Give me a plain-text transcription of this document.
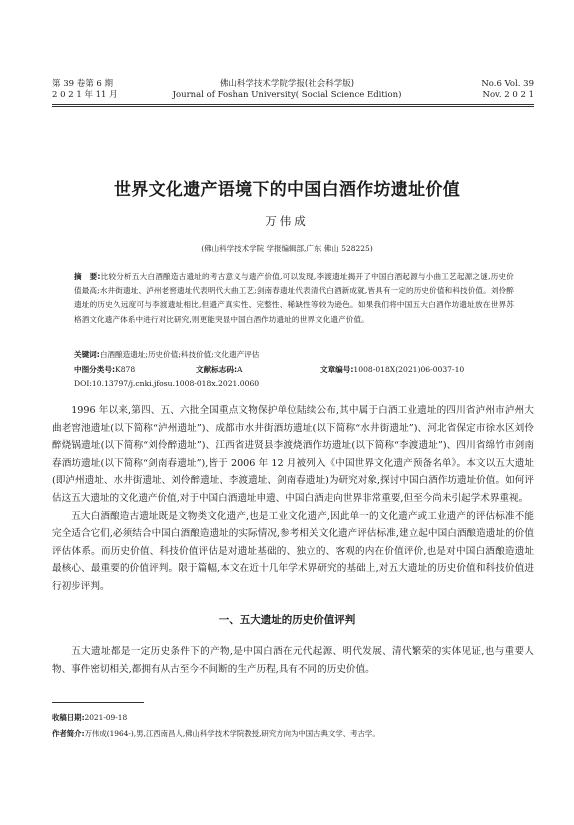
第 39 卷第 6 期
2 0 2 1 年 11 月
佛山科学技术学院学报(社会科学版)
Journal of Foshan University( Social Science Edition)
No.6 Vol. 39
Nov. 2 0 2 1
世界文化遗产语境下的中国白酒作坊遗址价值
万伟成
(佛山科学技术学院 学报编辑部,广东 佛山 528225)
摘　要:比较分析五大白酒酿造古遗址的考古意义与遗产价值,可以发现,李渡遗址揭开了中国白酒起源与小曲工艺起源之谜,历史价值最高;水井街遗址、泸州老窖遗址代表明代大曲工艺;剑南春遗址代表清代白酒新成就,皆具有一定的历史价值和科技价值。刘伶醉遗址的历史久远度可与李渡遗址相比,但遗产真实性、完整性、稀缺性等较为逊色。如果我们将中国五大白酒作坊遗址放在世界苏格酒文化遗产体系中进行对比研究,则更能突显中国白酒作坊遗址的世界文化遗产价值。
关键词:白酒酿造遗址;历史价值;科技价值;文化遗产评估
中图分类号:K878	文献标志码:A	文章编号:1008-018X(2021)06-0037-10
DOI:10.13797/j.cnki.jfosu.1008-018x.2021.0060

1996 年以来,第四、五、六批全国重点文物保护单位陆续公布,其中属于白酒工业遗址的四川省泸州市泸州大曲老窖池遗址(以下简称“泸州遗址”)、成都市水井街酒坊遗址(以下简称“水井街遗址”)、河北省保定市徐水区刘伶醉烧锅遗址(以下简称“刘伶醉遗址”)、江西省进贤县李渡烧酒作坊遗址(以下简称“李渡遗址”)、四川省绵竹市剑南春酒坊遗址(以下简称“剑南春遗址”),皆于 2006 年 12 月被列入《中国世界文化遗产预备名单》。本文以五大遗址(即泸州遗址、水井街遗址、刘伶醉遗址、李渡遗址、剑南春遗址)为研究对象,探讨中国白酒作坊遗址价值。如何评估这五大遗址的文化遗产价值,对于中国白酒遗址申遗、中国白酒走向世界非常重要,但至今尚未引起学术界重视。

五大白酒酿造古遗址既是文物类文化遗产,也是工业文化遗产,因此单一的文化遗产或工业遗产的评估标准不能完全适合它们,必须结合中国白酒酿造遗址的实际情况,参考相关文化遗产评估标准,建立起中国白酒酿造遗址的价值评估体系。而历史价值、科技价值评估是对遗址基础的、独立的、客观的内在价值评价,也是对中国白酒酿造遗址最核心、最重要的价值评判。限于篇幅,本文在近十几年学术界研究的基础上,对五大遗址的历史价值和科技价值进行初步评判。

一、五大遗址的历史价值评判

五大遗址都是一定历史条件下的产物,是中国白酒在元代起源、明代发展、清代繁荣的实体见证,也与重要人物、事件密切相关,都拥有从古至今不间断的生产历程,具有不同的历史价值。

收稿日期:2021-09-18
作者简介:万伟成(1964-),男,江西南昌人,佛山科学技术学院教授,研究方向为中国古典文学、考古学。
